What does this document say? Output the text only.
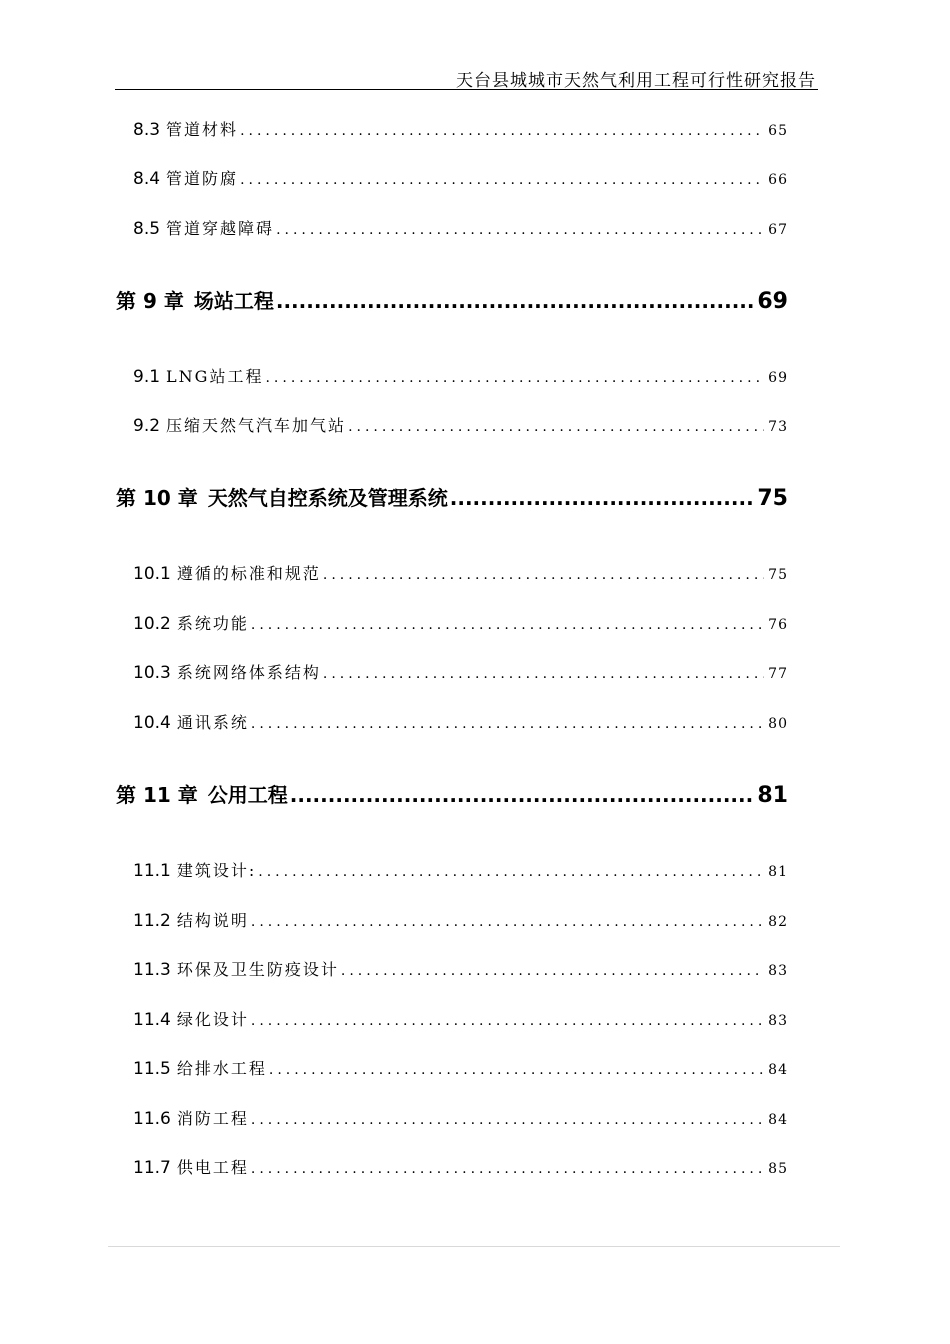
天台县城城市天然气利用工程可行性研究报告
8.3 管道材料 .....	65
8.4 管道防腐 .....	66
8.5 管道穿越障碍 .....	67
第 9 章 场站工程 .....	69
9.1 LNG站工程 .....	69
9.2 压缩天然气汽车加气站 .....	73
第 10 章 天然气自控系统及管理系统 .....	75
10.1 遵循的标准和规范 .....	75
10.2 系统功能 .....	76
10.3 系统网络体系结构 .....	77
10.4 通讯系统 .....	80
第 11 章 公用工程 .....	81
11.1 建筑设计: .....	81
11.2 结构说明 .....	82
11.3 环保及卫生防疫设计 .....	83
11.4 绿化设计 .....	83
11.5 给排水工程 .....	84
11.6 消防工程 .....	84
11.7 供电工程 .....	85
